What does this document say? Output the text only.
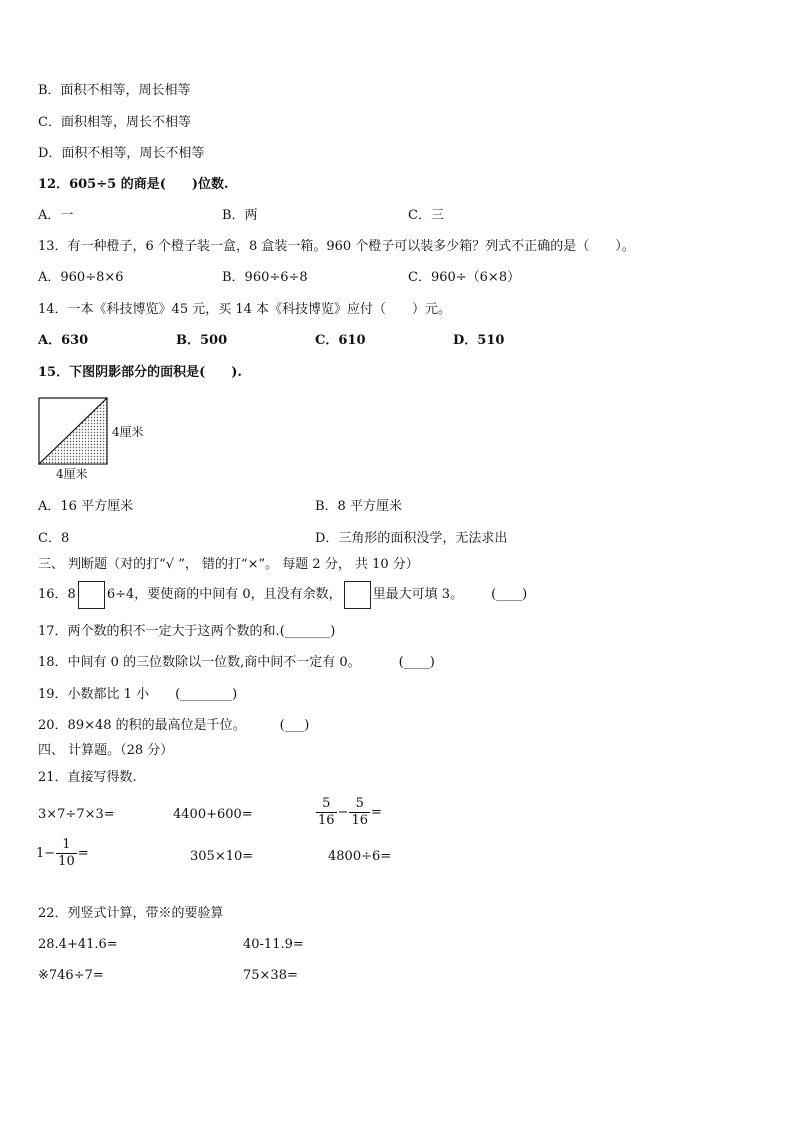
B．面积不相等，周长相等
C．面积相等，周长不相等
D．面积不相等，周长不相等
12．605÷5 的商是(　　)位数.
A．一	B．两	C．三
13．有一种橙子，6 个橙子装一盒，8 盒装一箱。960 个橙子可以装多少箱？列式不正确的是（　　）。
A．960÷8×6	B．960÷6÷8	C．960÷（6×8）
14．一本《科技博览》45 元，买 14 本《科技博览》应付（　　）元。
A．630	B．500	C．610	D．510
15．下图阴影部分的面积是(　　).
4厘米
4厘米
A．16 平方厘米	B．8 平方厘米
C．8	D．三角形的面积没学，无法求出
三、 判断题（对的打“√ ”， 错的打“×”。 每题 2 分， 共 10 分）
16．8 6÷4，要使商的中间有 0，且没有余数， 里最大可填 3。 (____)
17．两个数的积不一定大于这两个数的和.(_______)
18．中间有 0 的三位数除以一位数,商中间不一定有 0。	(____)
19．小数都比 1 小 (________)
20．89×48 的积的最高位是千位。	(___)
四、 计算题。（28 分）
21．直接写得数.
3×7÷7×3=	4400+600=	$\frac{5}{16} - \frac{5}{16}$ =
$1- \frac{1}{10}$ =	305×10=	4800÷6=
22．列竖式计算，带※的要验算
28.4+41.6=	40-11.9=
※746÷7=	75×38=
